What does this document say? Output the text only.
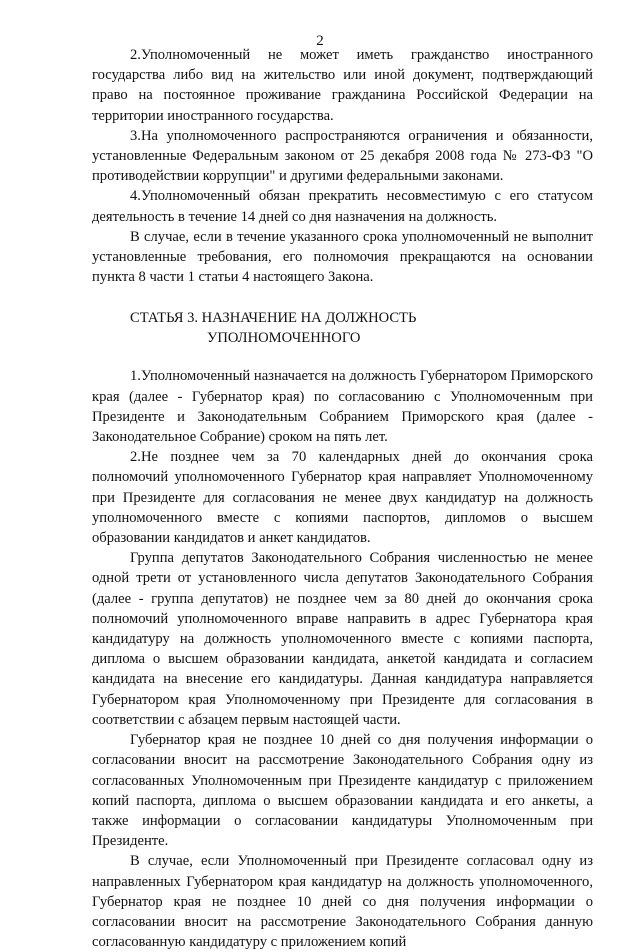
2

2.Уполномоченный не может иметь гражданство иностранного государства либо вид на жительство или иной документ, подтверждающий право на постоянное проживание гражданина Российской Федерации на территории иностранного государства.

3.На уполномоченного распространяются ограничения и обязанности, установленные Федеральным законом от 25 декабря 2008 года № 273-ФЗ "О противодействии коррупции" и другими федеральными законами.

4.Уполномоченный обязан прекратить несовместимую с его статусом деятельность в течение 14 дней со дня назначения на должность.

В случае, если в течение указанного срока уполномоченный не выполнит установленные требования, его полномочия прекращаются на основании пункта 8 части 1 статьи 4 настоящего Закона.

СТАТЬЯ 3. НАЗНАЧЕНИЕ НА ДОЛЖНОСТЬ
УПОЛНОМОЧЕННОГО

1.Уполномоченный назначается на должность Губернатором Приморского края (далее - Губернатор края) по согласованию с Уполномоченным при Президенте и Законодательным Собранием Приморского края (далее - Законодательное Собрание) сроком на пять лет.

2.Не позднее чем за 70 календарных дней до окончания срока полномочий уполномоченного Губернатор края направляет Уполномоченному при Президенте для согласования не менее двух кандидатур на должность уполномоченного вместе с копиями паспортов, дипломов о высшем образовании кандидатов и анкет кандидатов.

Группа депутатов Законодательного Собрания численностью не менее одной трети от установленного числа депутатов Законодательного Собрания (далее - группа депутатов) не позднее чем за 80 дней до окончания срока полномочий уполномоченного вправе направить в адрес Губернатора края кандидатуру на должность уполномоченного вместе с копиями паспорта, диплома о высшем образовании кандидата, анкетой кандидата и согласием кандидата на внесение его кандидатуры. Данная кандидатура направляется Губернатором края Уполномоченному при Президенте для согласования в соответствии с абзацем первым настоящей части.

Губернатор края не позднее 10 дней со дня получения информации о согласовании вносит на рассмотрение Законодательного Собрания одну из согласованных Уполномоченным при Президенте кандидатур с приложением копий паспорта, диплома о высшем образовании кандидата и его анкеты, а также информации о согласовании кандидатуры Уполномоченным при Президенте.

В случае, если Уполномоченный при Президенте согласовал одну из направленных Губернатором края кандидатур на должность уполномоченного, Губернатор края не позднее 10 дней со дня получения информации о согласовании вносит на рассмотрение Законодательного Собрания данную согласованную кандидатуру с приложением копий
